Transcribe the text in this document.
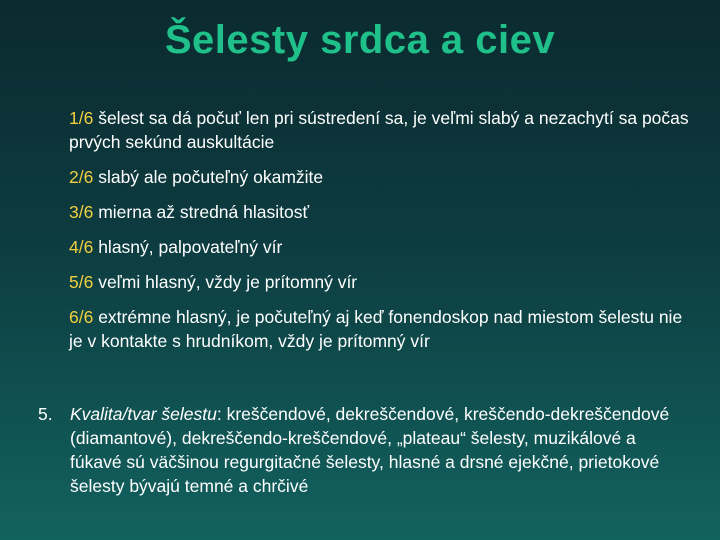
Šelesty srdca a ciev

1/6 šelest sa dá počuť len pri sústredení sa, je veľmi slabý a nezachytí sa počas prvých sekúnd auskultácie

2/6 slabý ale počuteľný okamžite

3/6 mierna až stredná hlasitosť

4/6 hlasný, palpovateľný vír

5/6 veľmi hlasný, vždy je prítomný vír

6/6 extrémne hlasný, je počuteľný aj keď fonendoskop nad miestom šelestu nie je v kontakte s hrudníkom, vždy je prítomný vír

5. Kvalita/tvar šelestu: kreščendové, dekreščendové, kreščendo-dekreščendové (diamantové), dekreščendo-kreščendové, „plateau“ šelesty, muzikálové a fúkavé sú väčšinou regurgitačné šelesty, hlasné a drsné ejekčné, prietokové šelesty bývajú temné a chrčivé
